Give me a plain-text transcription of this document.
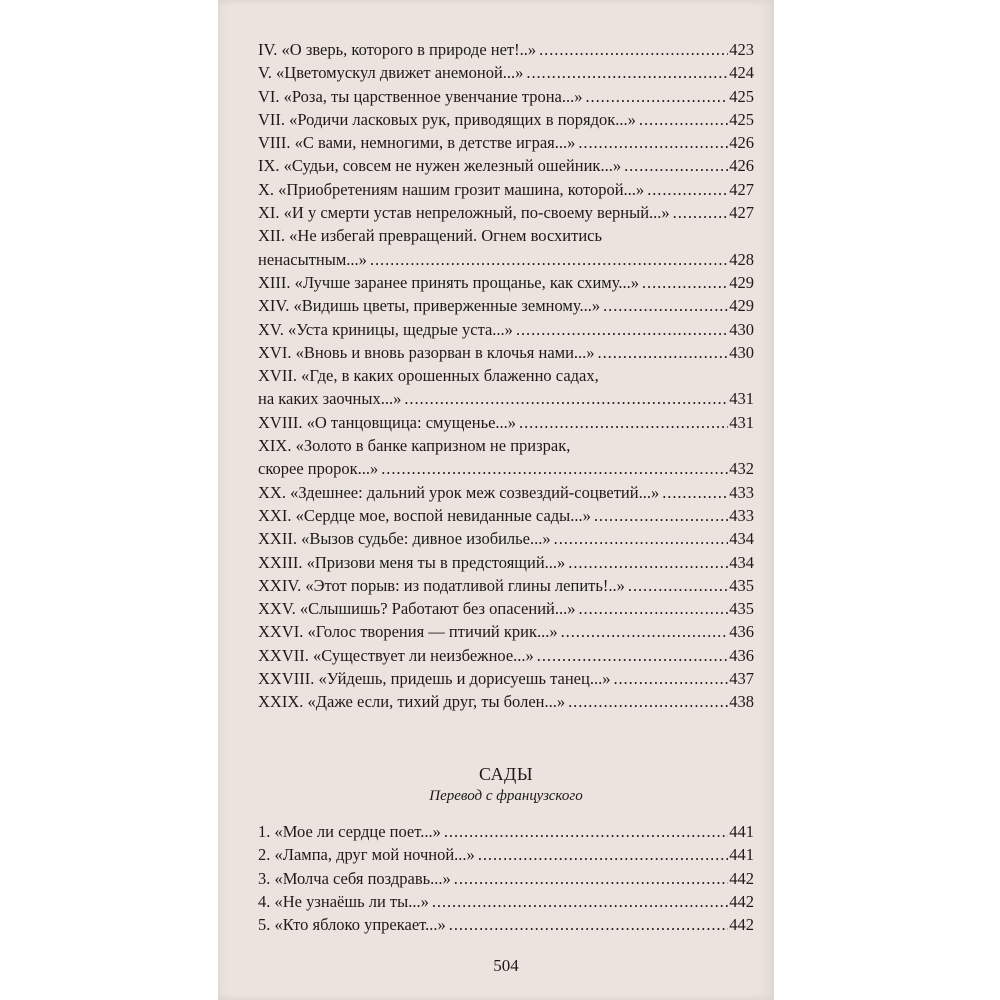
IV. «О зверь, которого в природе нет!..» . . .	423
V. «Цветомускул движет анемоной...» . . .	424
VI. «Роза, ты царственное увенчание трона...» . . .	425
VII. «Родичи ласковых рук, приводящих в порядок...» . . .	425
VIII. «С вами, немногими, в детстве играя...» . . .	426
IX. «Судьи, совсем не нужен железный ошейник...» . . .	426
X. «Приобретениям нашим грозит машина, которой...» . . .	427
XI. «И у смерти устав непреложный, по-своему верный...» . . .	427
XII. «Не избегай превращений. Огнем восхитись
ненасытным...» . . .	428
XIII. «Лучше заранее принять прощанье, как схиму...» . . .	429
XIV. «Видишь цветы, приверженные земному...» . . .	429
XV. «Уста криницы, щедрые уста...» . . .	430
XVI. «Вновь и вновь разорван в клочья нами...» . . .	430
XVII. «Где, в каких орошенных блаженно садах,
на каких заочных...» . . .	431
XVIII. «О танцовщица: смущенье...» . . .	431
XIX. «Золото в банке капризном не призрак,
скорее пророк...» . . .	432
XX. «Здешнее: дальний урок меж созвездий-соцветий...» . . .	433
XXI. «Сердце мое, воспой невиданные сады...» . . .	433
XXII. «Вызов судьбе: дивное изобилье...» . . .	434
XXIII. «Призови меня ты в предстоящий...» . . .	434
XXIV. «Этот порыв: из податливой глины лепить!..» . . .	435
XXV. «Слышишь? Работают без опасений...» . . .	435
XXVI. «Голос творения — птичий крик...» . . .	436
XXVII. «Существует ли неизбежное...» . . .	436
XXVIII. «Уйдешь, придешь и дорисуешь танец...» . . .	437
XXIX. «Даже если, тихий друг, ты болен...» . . .	438
САДЫ
Перевод с французского
1. «Мое ли сердце поет...» . . .	441
2. «Лампа, друг мой ночной...» . . .	441
3. «Молча себя поздравь...» . . .	442
4. «Не узнаёшь ли ты...» . . .	442
5. «Кто яблоко упрекает...» . . .	442
504
